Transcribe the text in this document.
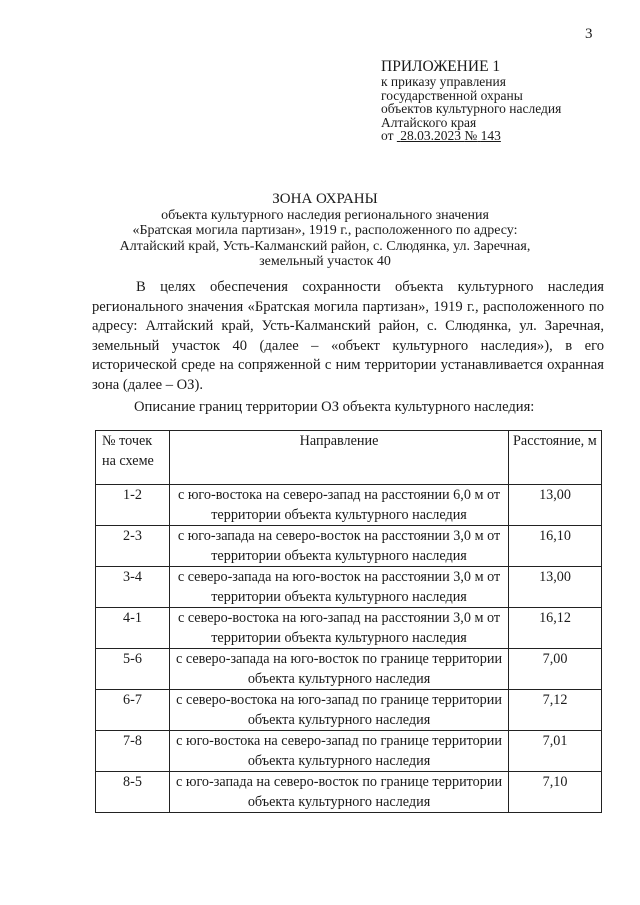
3
ПРИЛОЖЕНИЕ 1
к приказу управления
государственной охраны
объектов культурного наследия
Алтайского края
от 28.03.2023 № 143
ЗОНА ОХРАНЫ
объекта культурного наследия регионального значения
«Братская могила партизан», 1919 г., расположенного по адресу:
Алтайский край, Усть-Калманский район, с. Слюдянка, ул. Заречная,
земельный участок 40
В целях обеспечения сохранности объекта культурного наследия регионального значения «Братская могила партизан», 1919 г., расположенного по адресу: Алтайский край, Усть-Калманский район, с. Слюдянка, ул. Заречная, земельный участок 40 (далее – «объект культурного наследия»), в его исторической среде на сопряженной с ним территории устанавливается охранная зона (далее – ОЗ).
Описание границ территории ОЗ объекта культурного наследия:
№ точек на схеме	Направление	Расстояние, м
1-2	с юго-востока на северо-запад на расстоянии 6,0 м от территории объекта культурного наследия	13,00
2-3	с юго-запада на северо-восток на расстоянии 3,0 м от территории объекта культурного наследия	16,10
3-4	с северо-запада на юго-восток на расстоянии 3,0 м от территории объекта культурного наследия	13,00
4-1	с северо-востока на юго-запад на расстоянии 3,0 м от территории объекта культурного наследия	16,12
5-6	с северо-запада на юго-восток по границе территории объекта культурного наследия	7,00
6-7	с северо-востока на юго-запад по границе территории объекта культурного наследия	7,12
7-8	с юго-востока на северо-запад по границе территории объекта культурного наследия	7,01
8-5	с юго-запада на северо-восток по границе территории объекта культурного наследия	7,10
